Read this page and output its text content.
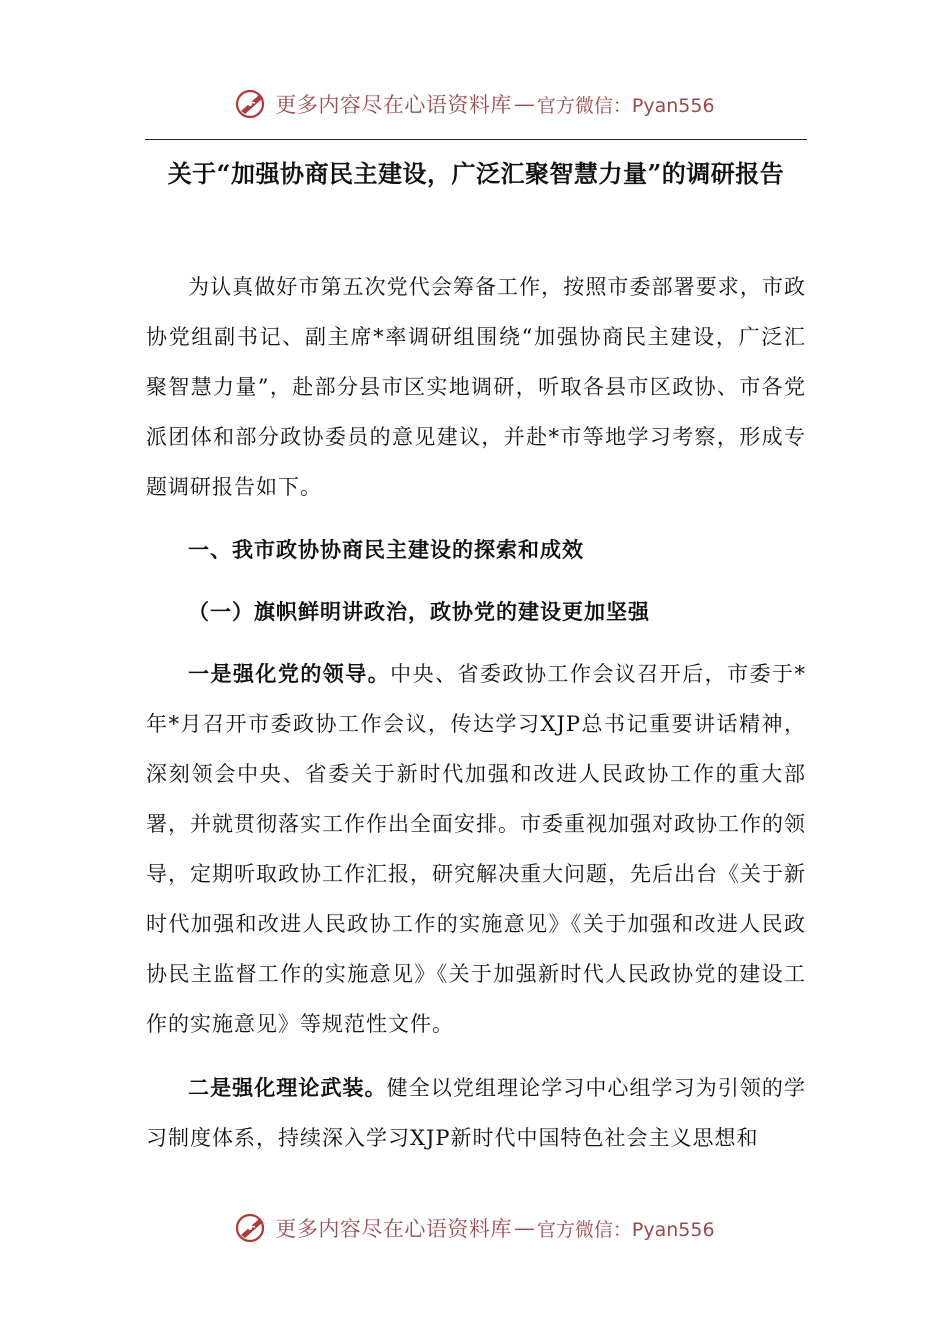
更多内容尽在心语资料库 — 官方微信：Pyan556
关于“加强协商民主建设，广泛汇聚智慧力量”的调研报告

为认真做好市第五次党代会筹备工作，按照市委部署要求，市政协党组副书记、副主席*率调研组围绕“加强协商民主建设，广泛汇聚智慧力量”，赴部分县市区实地调研，听取各县市区政协、市各党派团体和部分政协委员的意见建议，并赴*市等地学习考察，形成专题调研报告如下。

一、我市政协协商民主建设的探索和成效

（一）旗帜鲜明讲政治，政协党的建设更加坚强

一是强化党的领导。中央、省委政协工作会议召开后，市委于*年*月召开市委政协工作会议，传达学习XJP总书记重要讲话精神，深刻领会中央、省委关于新时代加强和改进人民政协工作的重大部署，并就贯彻落实工作作出全面安排。市委重视加强对政协工作的领导，定期听取政协工作汇报，研究解决重大问题，先后出台《关于新时代加强和改进人民政协工作的实施意见》《关于加强和改进人民政协民主监督工作的实施意见》《关于加强新时代人民政协党的建设工作的实施意见》等规范性文件。

二是强化理论武装。健全以党组理论学习中心组学习为引领的学习制度体系，持续深入学习XJP新时代中国特色社会主义思想和

更多内容尽在心语资料库 — 官方微信：Pyan556
